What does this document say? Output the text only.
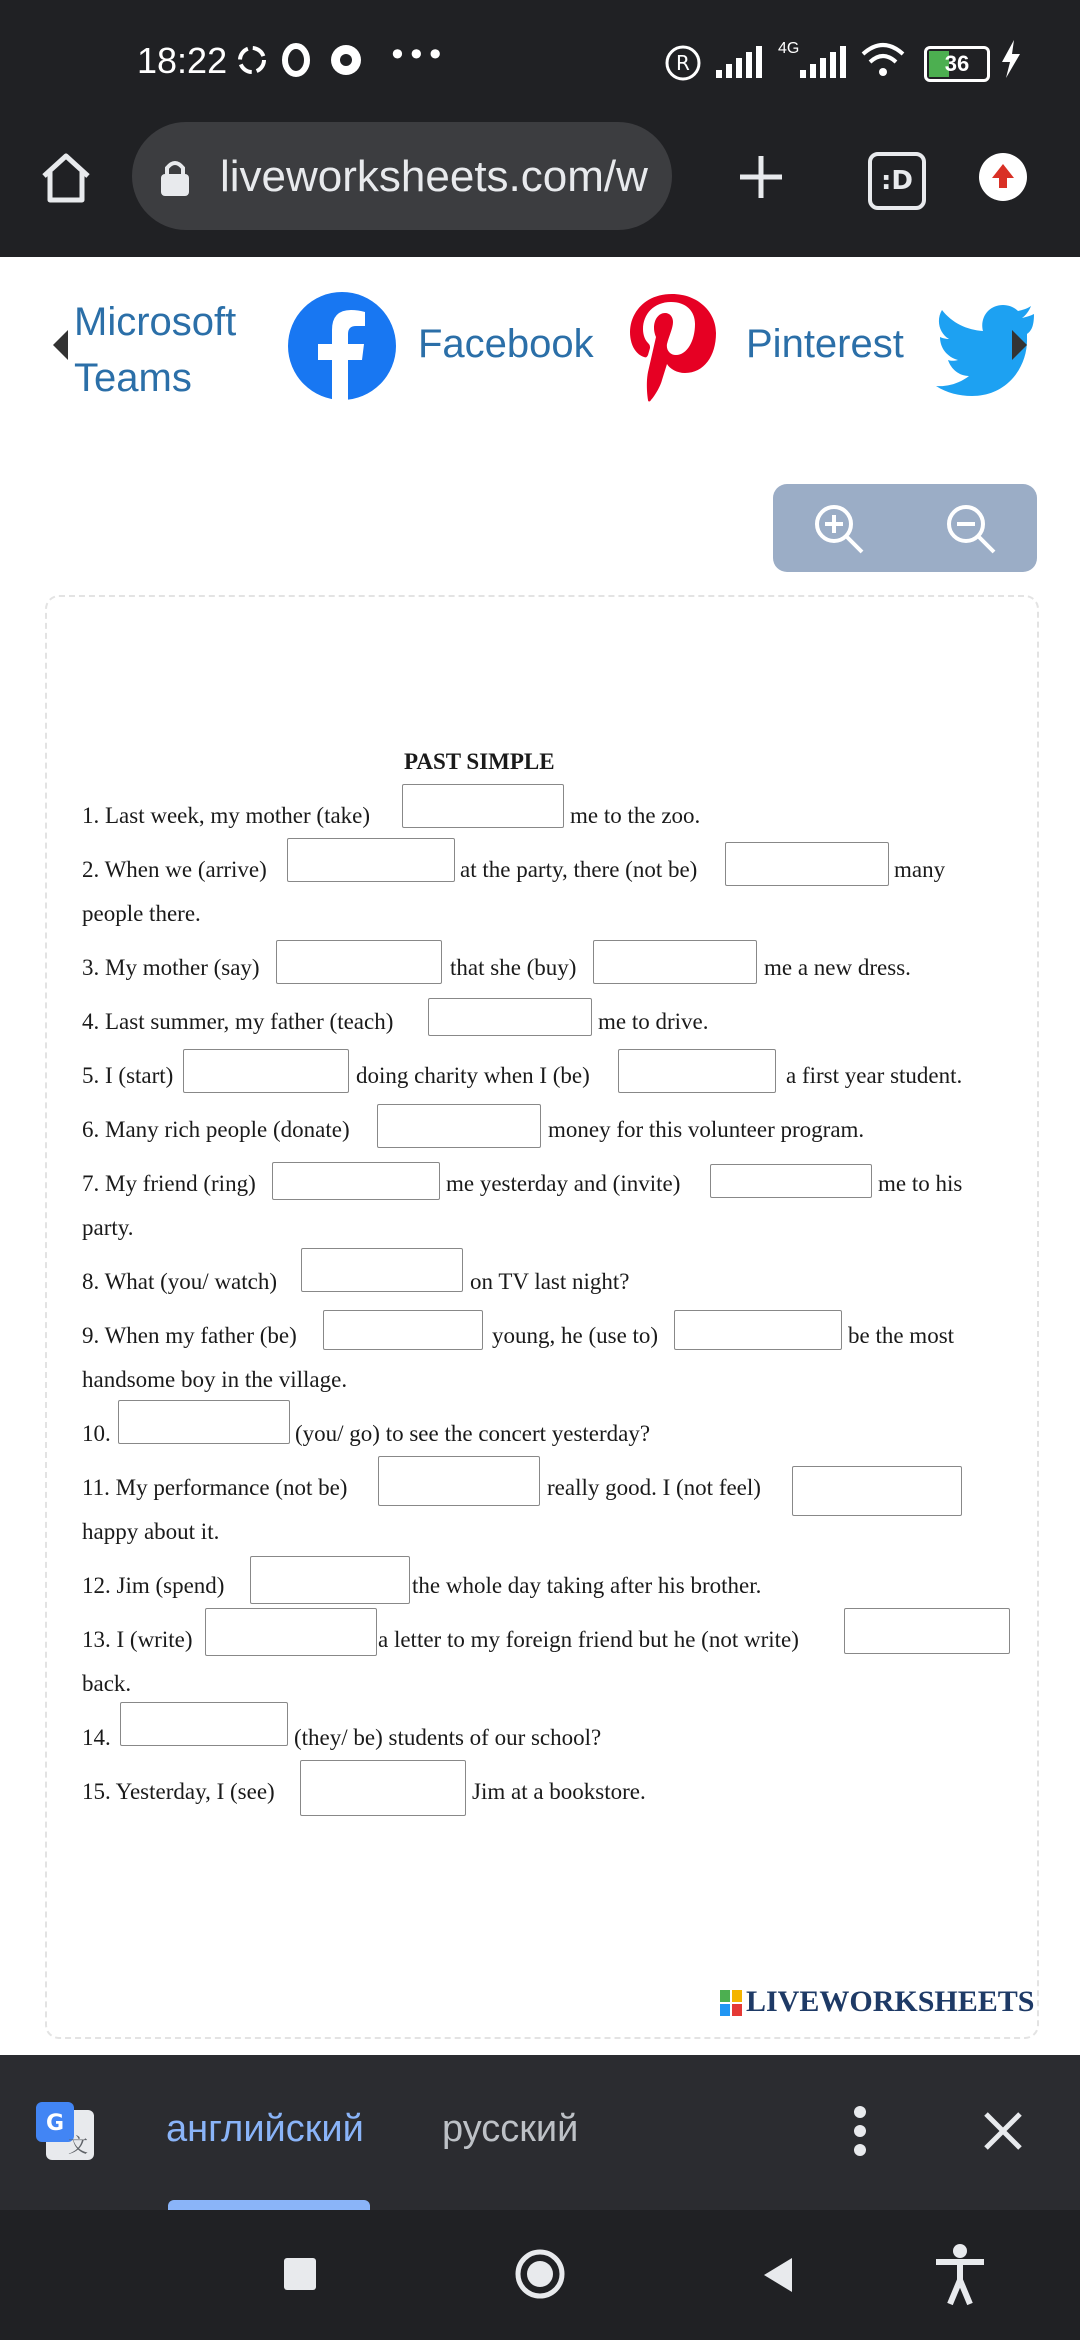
18:22	•••	R
4G
36
liveworksheets.com/w	:D
Microsoft
Teams
Facebook	Pinterest
PAST SIMPLE
1. Last week, my mother (take)	me to the zoo.
2. When we (arrive)	at the party, there (not be)	many
people there.
3. My mother (say)	that she (buy)	me a new dress.
4. Last summer, my father (teach)	me to drive.
5. I (start)	doing charity when I (be)	a first year student.
6. Many rich people (donate)	money for this volunteer program.
7. My friend (ring)	me yesterday and (invite)	me to his
party.
8. What (you/ watch)	on TV last night?
9. When my father (be)	young, he (use to)	be the most
handsome boy in the village.
10.	(you/ go) to see the concert yesterday?
11. My performance (not be)	really good. I (not feel)
happy about it.
12. Jim (spend)	the whole day taking after his brother.
13. I (write)	a letter to my foreign friend but he (not write)
back.
14.	(they/ be) students of our school?
15. Yesterday, I (see)	Jim at a bookstore.
LIVEWORKSHEETS
G
文 английский русский
